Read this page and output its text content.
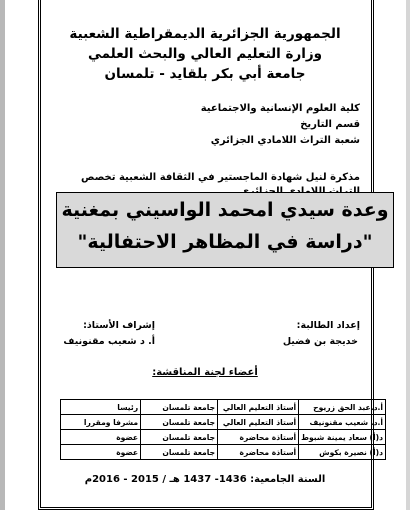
الجمهورية الجزائرية الديمقراطية الشعبية
وزارة التعليم العالي والبحث العلمي
جامعة أبي بكر بلقايد - تلمسان
كلية العلوم الإنسانية والاجتماعية
قسم التاريخ
شعبة التراث اللامادي الجزائري
مذكرة لنيل شهادة الماجستير في الثقافة الشعبية تخصص
وعدة سيدي امحمد الواسيني بمغنية
"دراسة في المظاهر الاحتفالية"
إعداد الطالبة:
خديجة بن فضيل
إشراف الأستاذ:
أ. د شعيب مقنونيف
أعضاء لجنة المناقشة:
أ.د.عبد الحق زريوح	أستاذ التعليم العالي	جامعة تلمسان	رئيسا
أ.د. شعيب مقنونيف	أستاذ التعليم العالي	جامعة تلمسان	مشرفا ومقررا
د(أ) سعاد يمينة شبوط	أستاذة محاضرة	جامعة تلمسان	عضوة
د(أ) نصيرة بكوش	أستاذة محاضرة	جامعة تلمسان	عضوة
السنة الجامعية: 1436- 1437 هـ / 2015 - 2016م
